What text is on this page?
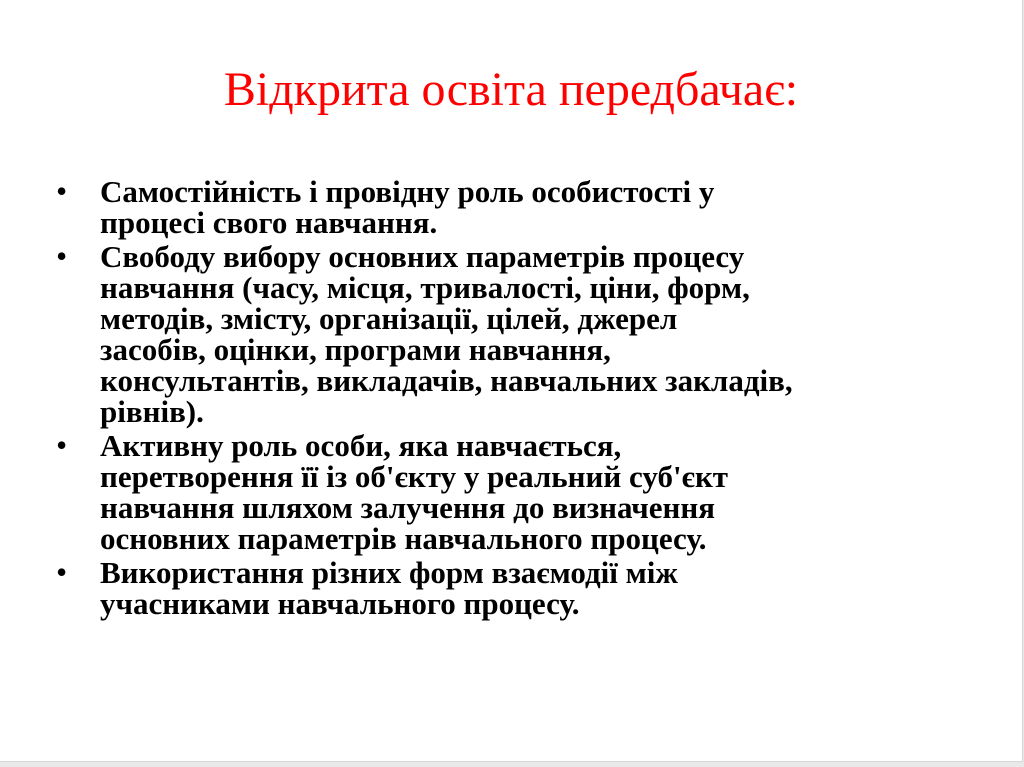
Відкрита освіта передбачає:
•	Самостійність і провідну роль особистості у
процесі свого навчання.
•	Свободу вибору основних параметрів процесу
навчання (часу, місця, тривалості, ціни, форм,
методів, змісту, організації, цілей, джерел
засобів, оцінки, програми навчання,
консультантів, викладачів, навчальних закладів,
рівнів).
•	Активну роль особи, яка навчається,
перетворення її із об'єкту у реальний суб'єкт
навчання шляхом залучення до визначення
основних параметрів навчального процесу.
•	Використання різних форм взаємодії між
учасниками навчального процесу.
